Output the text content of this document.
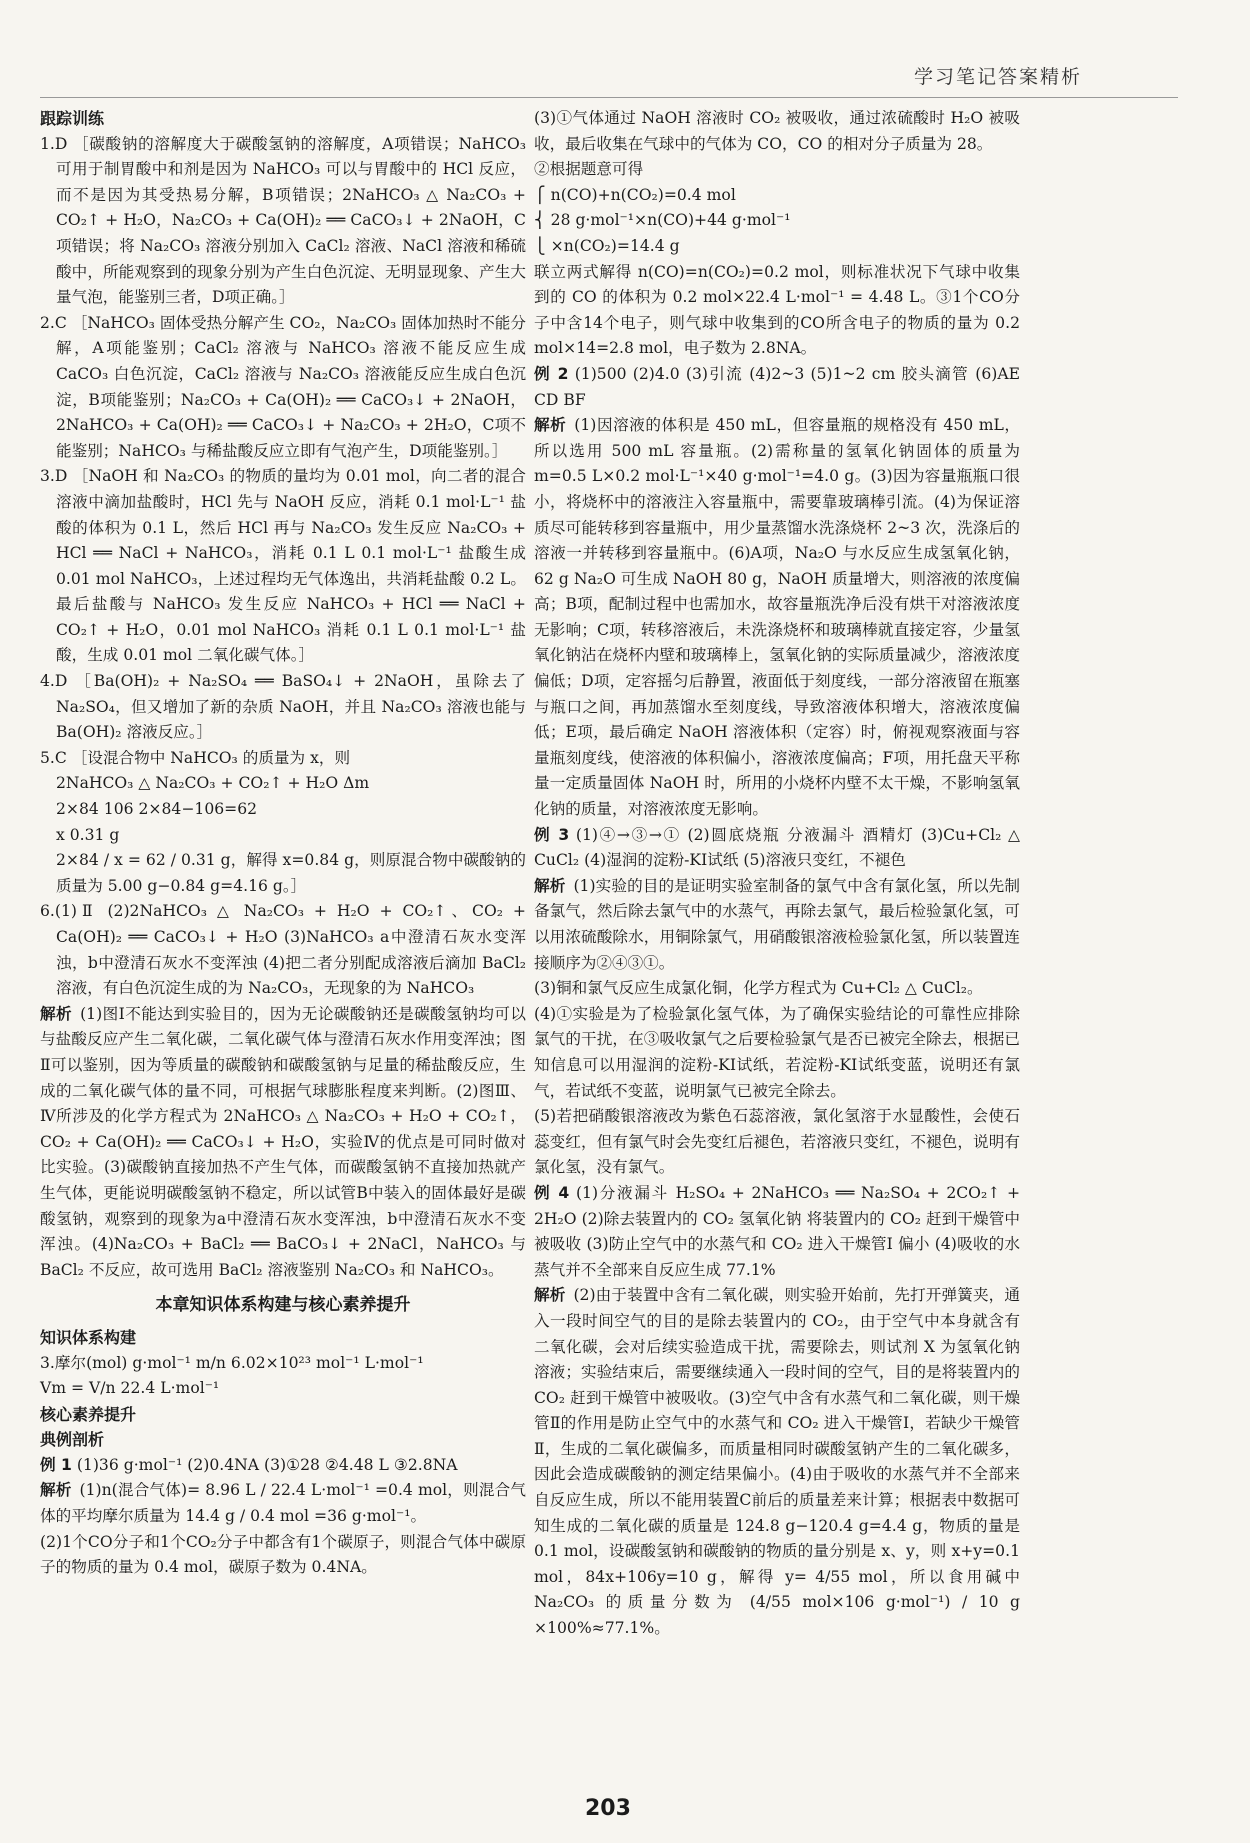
学习笔记答案精析

跟踪训练

1.D ［碳酸钠的溶解度大于碳酸氢钠的溶解度，A项错误；NaHCO₃ 可用于制胃酸中和剂是因为 NaHCO₃ 可以与胃酸中的 HCl 反应，而不是因为其受热易分解，B项错误；2NaHCO₃ △ Na₂CO₃ + CO₂↑ + H₂O，Na₂CO₃ + Ca(OH)₂ ══ CaCO₃↓ + 2NaOH，C项错误；将 Na₂CO₃ 溶液分别加入 CaCl₂ 溶液、NaCl 溶液和稀硫酸中，所能观察到的现象分别为产生白色沉淀、无明显现象、产生大量气泡，能鉴别三者，D项正确。］

2.C ［NaHCO₃ 固体受热分解产生 CO₂，Na₂CO₃ 固体加热时不能分解，A项能鉴别；CaCl₂ 溶液与 NaHCO₃ 溶液不能反应生成 CaCO₃ 白色沉淀，CaCl₂ 溶液与 Na₂CO₃ 溶液能反应生成白色沉淀，B项能鉴别；Na₂CO₃ + Ca(OH)₂ ══ CaCO₃↓ + 2NaOH，2NaHCO₃ + Ca(OH)₂ ══ CaCO₃↓ + Na₂CO₃ + 2H₂O，C项不能鉴别；NaHCO₃ 与稀盐酸反应立即有气泡产生，D项能鉴别。］

3.D ［NaOH 和 Na₂CO₃ 的物质的量均为 0.01 mol，向二者的混合溶液中滴加盐酸时，HCl 先与 NaOH 反应，消耗 0.1 mol·L⁻¹ 盐酸的体积为 0.1 L，然后 HCl 再与 Na₂CO₃ 发生反应 Na₂CO₃ + HCl ══ NaCl + NaHCO₃，消耗 0.1 L 0.1 mol·L⁻¹ 盐酸生成 0.01 mol NaHCO₃，上述过程均无气体逸出，共消耗盐酸 0.2 L。最后盐酸与 NaHCO₃ 发生反应 NaHCO₃ + HCl ══ NaCl + CO₂↑ + H₂O，0.01 mol NaHCO₃ 消耗 0.1 L 0.1 mol·L⁻¹ 盐酸，生成 0.01 mol 二氧化碳气体。］

4.D ［Ba(OH)₂ + Na₂SO₄ ══ BaSO₄↓ + 2NaOH，虽除去了 Na₂SO₄，但又增加了新的杂质 NaOH，并且 Na₂CO₃ 溶液也能与 Ba(OH)₂ 溶液反应。］

5.C ［设混合物中 NaHCO₃ 的质量为 x，则
2NaHCO₃ △ Na₂CO₃ + CO₂↑ + H₂O Δm
2×84 106 2×84−106=62
x 0.31 g
2×84 / x = 62 / 0.31 g，解得 x=0.84 g，则原混合物中碳酸钠的质量为 5.00 g−0.84 g=4.16 g。］

6.(1)Ⅱ (2)2NaHCO₃ △ Na₂CO₃ + H₂O + CO₂↑、CO₂ + Ca(OH)₂ ══ CaCO₃↓ + H₂O (3)NaHCO₃ a中澄清石灰水变浑浊，b中澄清石灰水不变浑浊 (4)把二者分别配成溶液后滴加 BaCl₂ 溶液，有白色沉淀生成的为 Na₂CO₃，无现象的为 NaHCO₃

解析 (1)图Ⅰ不能达到实验目的，因为无论碳酸钠还是碳酸氢钠均可以与盐酸反应产生二氧化碳，二氧化碳气体与澄清石灰水作用变浑浊；图Ⅱ可以鉴别，因为等质量的碳酸钠和碳酸氢钠与足量的稀盐酸反应，生成的二氧化碳气体的量不同，可根据气球膨胀程度来判断。(2)图Ⅲ、Ⅳ所涉及的化学方程式为 2NaHCO₃ △ Na₂CO₃ + H₂O + CO₂↑，CO₂ + Ca(OH)₂ ══ CaCO₃↓ + H₂O，实验Ⅳ的优点是可同时做对比实验。(3)碳酸钠直接加热不产生气体，而碳酸氢钠不直接加热就产生气体，更能说明碳酸氢钠不稳定，所以试管B中装入的固体最好是碳酸氢钠，观察到的现象为a中澄清石灰水变浑浊，b中澄清石灰水不变浑浊。(4)Na₂CO₃ + BaCl₂ ══ BaCO₃↓ + 2NaCl，NaHCO₃ 与 BaCl₂ 不反应，故可选用 BaCl₂ 溶液鉴别 Na₂CO₃ 和 NaHCO₃。

本章知识体系构建与核心素养提升

知识体系构建

3.摩尔(mol) g·mol⁻¹ m/n 6.02×10²³ mol⁻¹ L·mol⁻¹

Vm = V/n 22.4 L·mol⁻¹

核心素养提升

典例剖析

例 1 (1)36 g·mol⁻¹ (2)0.4NA (3)①28 ②4.48 L ③2.8NA

解析 (1)n(混合气体)= 8.96 L / 22.4 L·mol⁻¹ =0.4 mol，则混合气体的平均摩尔质量为 14.4 g / 0.4 mol =36 g·mol⁻¹。
(2)1个CO分子和1个CO₂分子中都含有1个碳原子，则混合气体中碳原子的物质的量为 0.4 mol，碳原子数为 0.4NA。

(3)①气体通过 NaOH 溶液时 CO₂ 被吸收，通过浓硫酸时 H₂O 被吸收，最后收集在气球中的气体为 CO，CO 的相对分子质量为 28。
②根据题意可得
⎧ n(CO)+n(CO₂)=0.4 mol
⎨ 28 g·mol⁻¹×n(CO)+44 g·mol⁻¹
⎩ ×n(CO₂)=14.4 g
联立两式解得 n(CO)=n(CO₂)=0.2 mol，则标准状况下气球中收集到的 CO 的体积为 0.2 mol×22.4 L·mol⁻¹ = 4.48 L。③1个CO分子中含14个电子，则气球中收集到的CO所含电子的物质的量为 0.2 mol×14=2.8 mol，电子数为 2.8NA。

例 2 (1)500 (2)4.0 (3)引流 (4)2~3 (5)1~2 cm 胶头滴管 (6)AE CD BF

解析 (1)因溶液的体积是 450 mL，但容量瓶的规格没有 450 mL，所以选用 500 mL 容量瓶。(2)需称量的氢氧化钠固体的质量为 m=0.5 L×0.2 mol·L⁻¹×40 g·mol⁻¹=4.0 g。(3)因为容量瓶瓶口很小，将烧杯中的溶液注入容量瓶中，需要靠玻璃棒引流。(4)为保证溶质尽可能转移到容量瓶中，用少量蒸馏水洗涤烧杯 2~3 次，洗涤后的溶液一并转移到容量瓶中。(6)A项，Na₂O 与水反应生成氢氧化钠，62 g Na₂O 可生成 NaOH 80 g，NaOH 质量增大，则溶液的浓度偏高；B项，配制过程中也需加水，故容量瓶洗净后没有烘干对溶液浓度无影响；C项，转移溶液后，未洗涤烧杯和玻璃棒就直接定容，少量氢氧化钠沾在烧杯内壁和玻璃棒上，氢氧化钠的实际质量减少，溶液浓度偏低；D项，定容摇匀后静置，液面低于刻度线，一部分溶液留在瓶塞与瓶口之间，再加蒸馏水至刻度线，导致溶液体积增大，溶液浓度偏低；E项，最后确定 NaOH 溶液体积（定容）时，俯视观察液面与容量瓶刻度线，使溶液的体积偏小，溶液浓度偏高；F项，用托盘天平称量一定质量固体 NaOH 时，所用的小烧杯内壁不太干燥，不影响氢氧化钠的质量，对溶液浓度无影响。

例 3 (1)④→③→① (2)圆底烧瓶 分液漏斗 酒精灯 (3)Cu+Cl₂ △ CuCl₂ (4)湿润的淀粉-KI试纸 (5)溶液只变红，不褪色

解析 (1)实验的目的是证明实验室制备的氯气中含有氯化氢，所以先制备氯气，然后除去氯气中的水蒸气，再除去氯气，最后检验氯化氢，可以用浓硫酸除水，用铜除氯气，用硝酸银溶液检验氯化氢，所以装置连接顺序为②④③①。
(3)铜和氯气反应生成氯化铜，化学方程式为 Cu+Cl₂ △ CuCl₂。
(4)①实验是为了检验氯化氢气体，为了确保实验结论的可靠性应排除氯气的干扰，在③吸收氯气之后要检验氯气是否已被完全除去，根据已知信息可以用湿润的淀粉-KI试纸，若淀粉-KI试纸变蓝，说明还有氯气，若试纸不变蓝，说明氯气已被完全除去。
(5)若把硝酸银溶液改为紫色石蕊溶液，氯化氢溶于水显酸性，会使石蕊变红，但有氯气时会先变红后褪色，若溶液只变红，不褪色，说明有氯化氢，没有氯气。

例 4 (1)分液漏斗 H₂SO₄ + 2NaHCO₃ ══ Na₂SO₄ + 2CO₂↑ + 2H₂O (2)除去装置内的 CO₂ 氢氧化钠 将装置内的 CO₂ 赶到干燥管中被吸收 (3)防止空气中的水蒸气和 CO₂ 进入干燥管Ⅰ 偏小 (4)吸收的水蒸气并不全部来自反应生成 77.1%

解析 (2)由于装置中含有二氧化碳，则实验开始前，先打开弹簧夹，通入一段时间空气的目的是除去装置内的 CO₂，由于空气中本身就含有二氧化碳，会对后续实验造成干扰，需要除去，则试剂 X 为氢氧化钠溶液；实验结束后，需要继续通入一段时间的空气，目的是将装置内的 CO₂ 赶到干燥管中被吸收。(3)空气中含有水蒸气和二氧化碳，则干燥管Ⅱ的作用是防止空气中的水蒸气和 CO₂ 进入干燥管Ⅰ，若缺少干燥管Ⅱ，生成的二氧化碳偏多，而质量相同时碳酸氢钠产生的二氧化碳多，因此会造成碳酸钠的测定结果偏小。(4)由于吸收的水蒸气并不全部来自反应生成，所以不能用装置C前后的质量差来计算；根据表中数据可知生成的二氧化碳的质量是 124.8 g−120.4 g=4.4 g，物质的量是 0.1 mol，设碳酸氢钠和碳酸钠的物质的量分别是 x、y，则 x+y=0.1 mol，84x+106y=10 g，解得 y= 4/55 mol，所以食用碱中 Na₂CO₃ 的质量分数为 (4/55 mol×106 g·mol⁻¹) / 10 g ×100%≈77.1%。

203
